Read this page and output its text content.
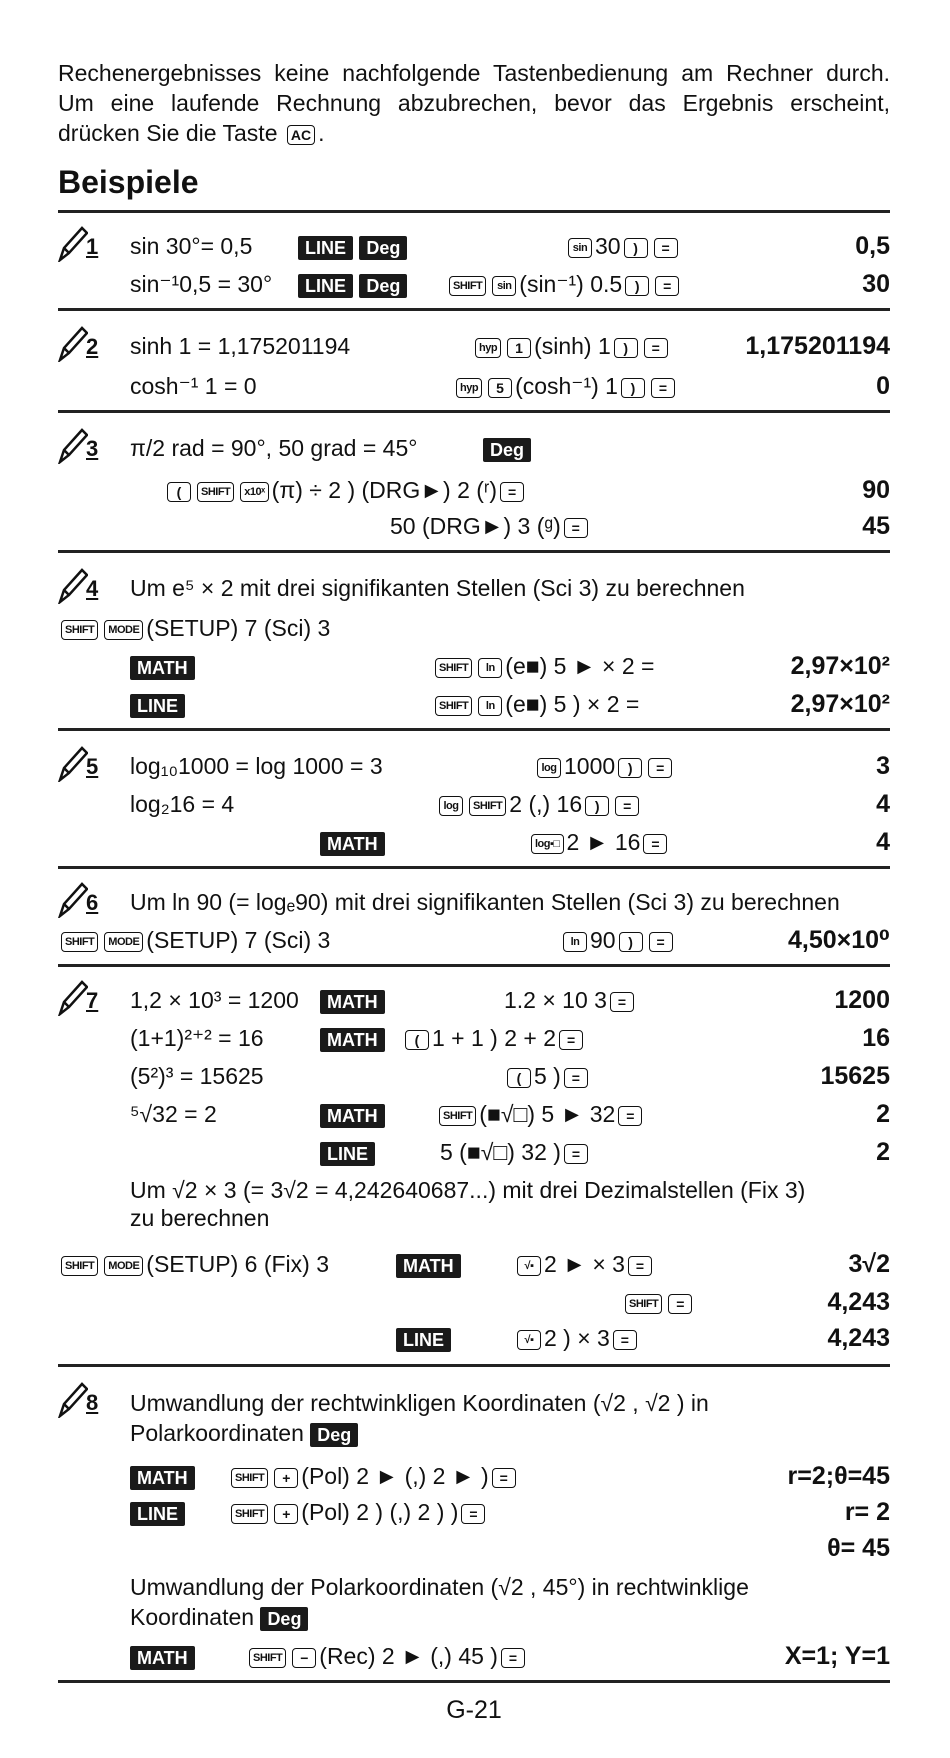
Rechenergebnisses keine nachfolgende Tastenbedienung am Rechner durch. Um eine laufende Rechnung abzubrechen, bevor das Ergebnis erscheint, drücken Sie die Taste AC .
Beispiele
1 sin 30°= 0,5	LINE Deg	sin 30 ) =	0,5
sin⁻¹0,5 = 30°	LINE Deg	SHIFT sin (sin⁻¹) 0.5 ) =	30
2 sinh 1 = 1,175201194	hyp 1 (sinh) 1 ) =	1,175201194
cosh⁻¹ 1 = 0	hyp 5 (cosh⁻¹) 1 ) =	0
3 π/2 rad = 90°, 50 grad = 45°	Deg
( SHIFT x10ˣ (π) ÷ 2 ) (DRG►) 2 (ʳ) =	90
50 (DRG►) 3 (ᵍ) =	45
4 Um e⁵ × 2 mit drei signifikanten Stellen (Sci 3) zu berechnen
SHIFT MODE (SETUP) 7 (Sci) 3
MATH	SHIFT ln (e■) 5 ► × 2 =	2,97×10²
LINE	SHIFT ln (e■) 5 ) × 2 =	2,97×10²
5 log₁₀1000 = log 1000 = 3	log 1000 ) =	3
log₂16 = 4	log SHIFT 2 (,) 16 ) =	4
MATH	log▪□ 2 ► 16 =	4
6 Um ln 90 (= logₑ90) mit drei signifikanten Stellen (Sci 3) zu berechnen
SHIFT MODE (SETUP) 7 (Sci) 3	ln 90 ) =	4,50×10⁰
7 1,2 × 10³ = 1200	MATH	1.2 × 10 3 =	1200
(1+1)²⁺² = 16	MATH	( 1 + 1 ) 2 + 2 =	16
(5²)³ = 15625	( 5 ) =	15625
⁵√32 = 2	MATH	SHIFT (■√□) 5 ► 32 =	2
LINE	5 (■√□) 32 ) =	2
Um √2 × 3 (= 3√2 = 4,242640687...) mit drei Dezimalstellen (Fix 3) zu berechnen
SHIFT MODE (SETUP) 6 (Fix) 3	MATH	√▪ 2 ► × 3 =	3√2
SHIFT =	4,243
LINE	√▪ 2 ) × 3 =	4,243
8 Umwandlung der rechtwinkligen Koordinaten (√2 , √2 ) in Polarkoordinaten Deg
MATH	SHIFT + (Pol) 2 ► (,) 2 ► ) =	r=2;θ=45
LINE	SHIFT + (Pol) 2 ) (,) 2 ) ) =	r= 2
θ= 45
Umwandlung der Polarkoordinaten (√2 , 45°) in rechtwinklige Koordinaten Deg
MATH	SHIFT − (Rec) 2 ► (,) 45 ) =	X=1; Y=1
G-21
